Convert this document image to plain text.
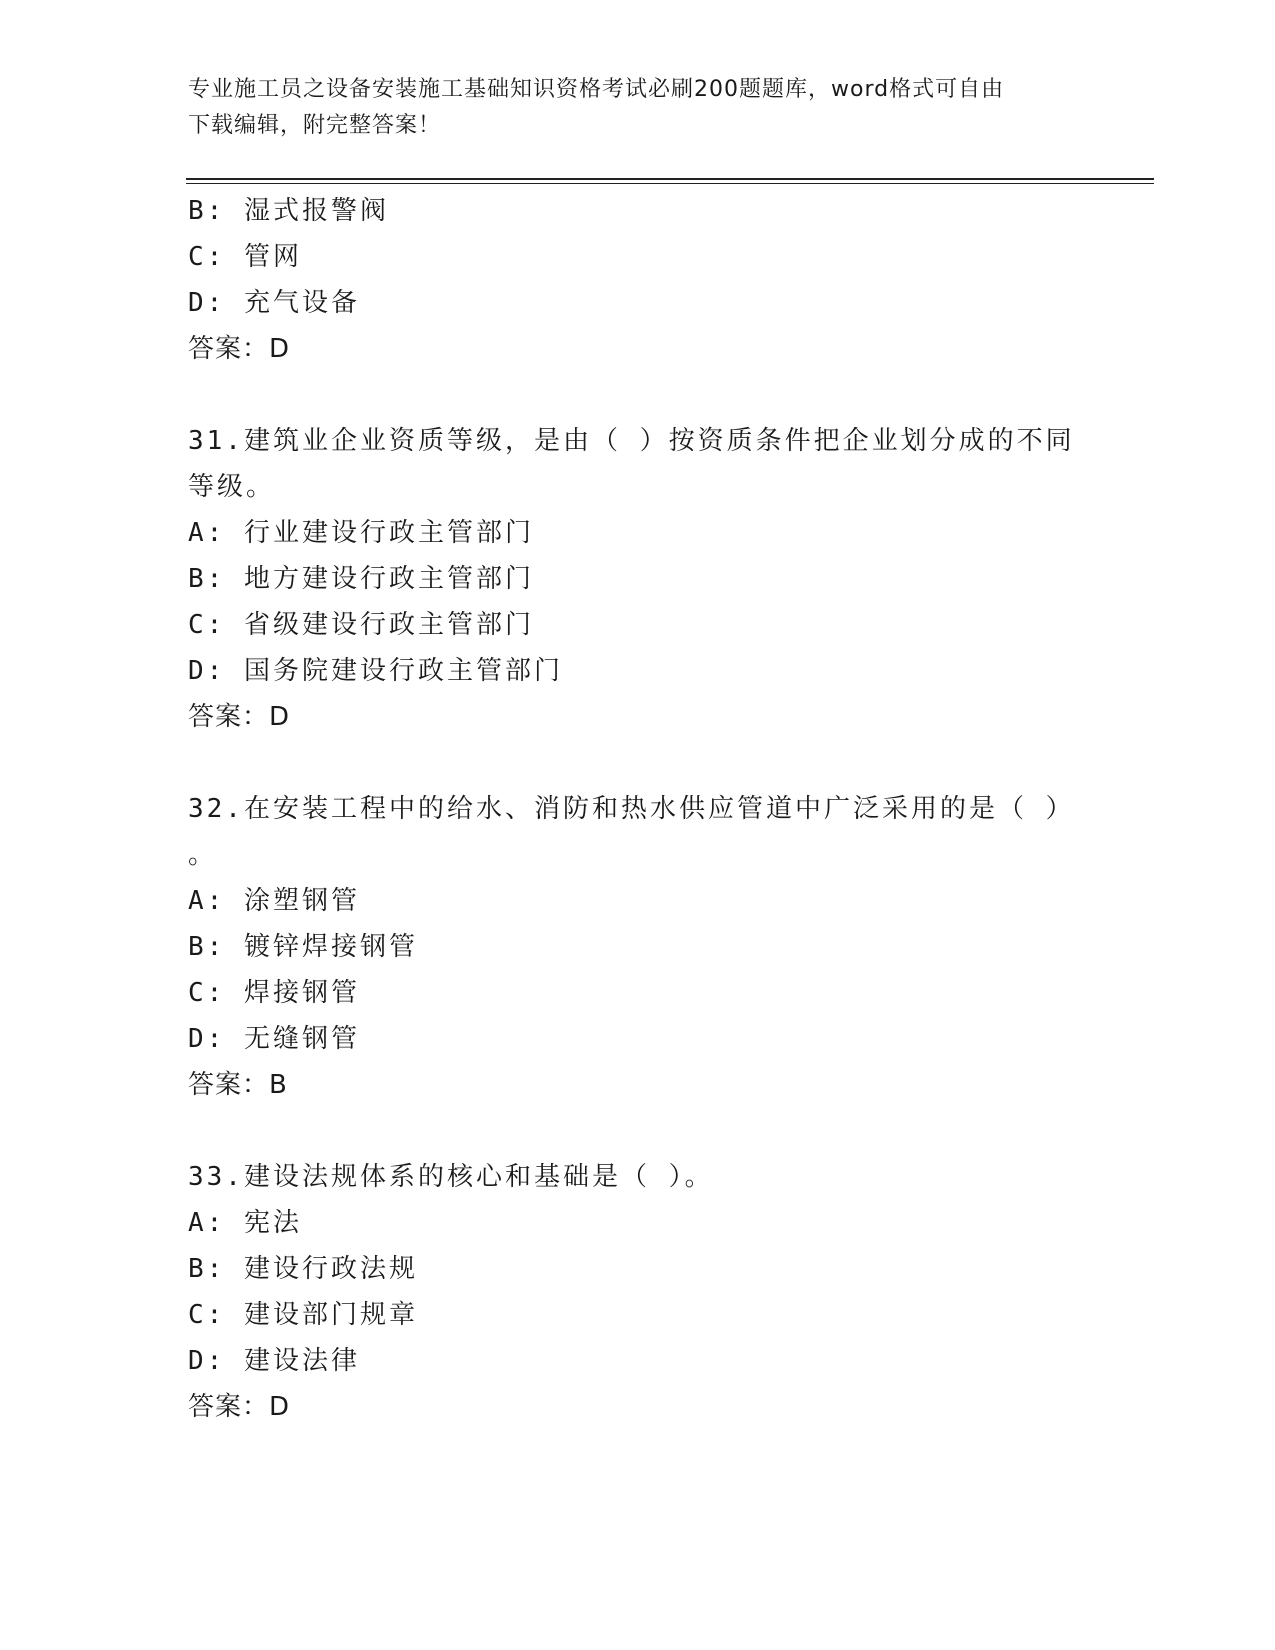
专业施工员之设备安装施工基础知识资格考试必刷200题题库，word格式可自由
下载编辑，附完整答案！
B: 湿式报警阀
C: 管网
D: 充气设备
答案：D
31.建筑业企业资质等级，是由（ ）按资质条件把企业划分成的不同
等级。
A: 行业建设行政主管部门
B: 地方建设行政主管部门
C: 省级建设行政主管部门
D: 国务院建设行政主管部门
答案：D
32.在安装工程中的给水、消防和热水供应管道中广泛采用的是（ ）
。
A: 涂塑钢管
B: 镀锌焊接钢管
C: 焊接钢管
D: 无缝钢管
答案：B
33.建设法规体系的核心和基础是（ ）。
A: 宪法
B: 建设行政法规
C: 建设部门规章
D: 建设法律
答案：D
